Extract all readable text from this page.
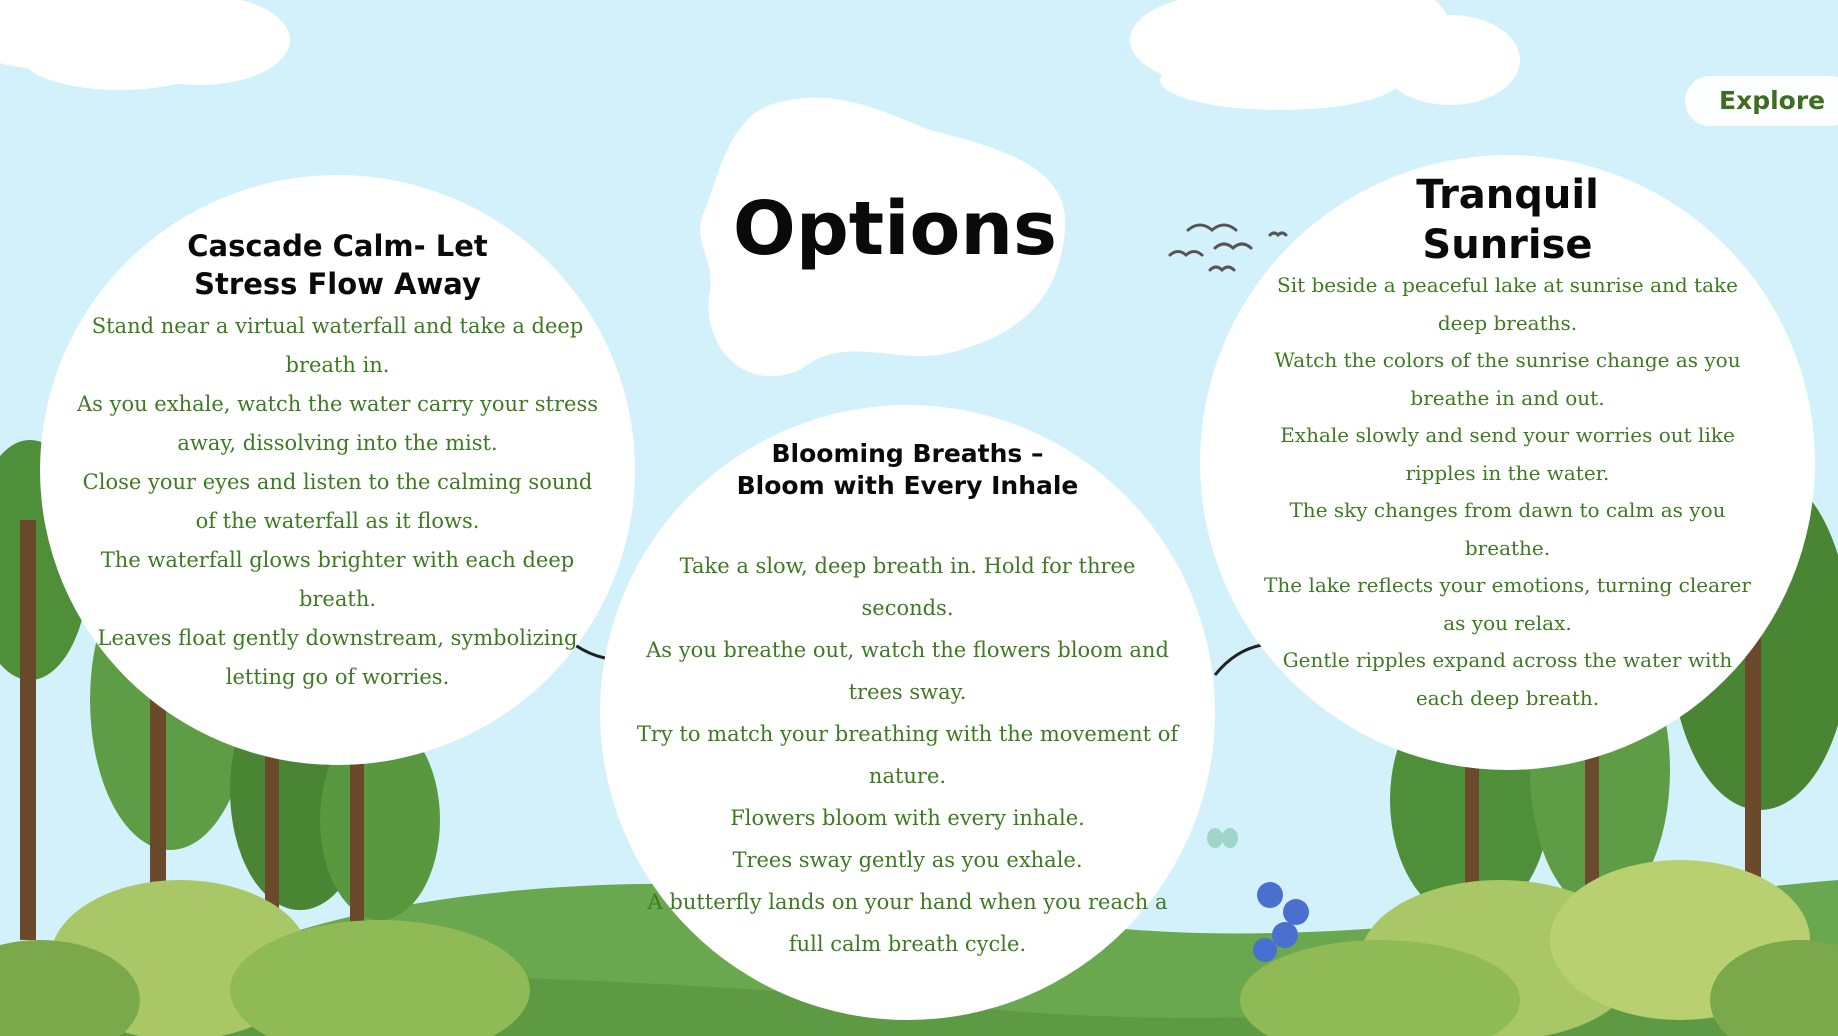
Explore
Options
Cascade Calm- Let
Stress Flow Away

Stand near a virtual waterfall and take a deep breath in.

As you exhale, watch the water carry your stress away, dissolving into the mist.

Close your eyes and listen to the calming sound of the waterfall as it flows.

The waterfall glows brighter with each deep breath.

Leaves float gently downstream, symbolizing letting go of worries.

Blooming Breaths –
Bloom with Every Inhale

Take a slow, deep breath in. Hold for three seconds.

As you breathe out, watch the flowers bloom and trees sway.

Try to match your breathing with the movement of nature.

Flowers bloom with every inhale.

Trees sway gently as you exhale.

A butterfly lands on your hand when you reach a full calm breath cycle.

Tranquil
Sunrise

Sit beside a peaceful lake at sunrise and take deep breaths.

Watch the colors of the sunrise change as you breathe in and out.

Exhale slowly and send your worries out like ripples in the water.

The sky changes from dawn to calm as you breathe.

The lake reflects your emotions, turning clearer as you relax.

Gentle ripples expand across the water with each deep breath.
